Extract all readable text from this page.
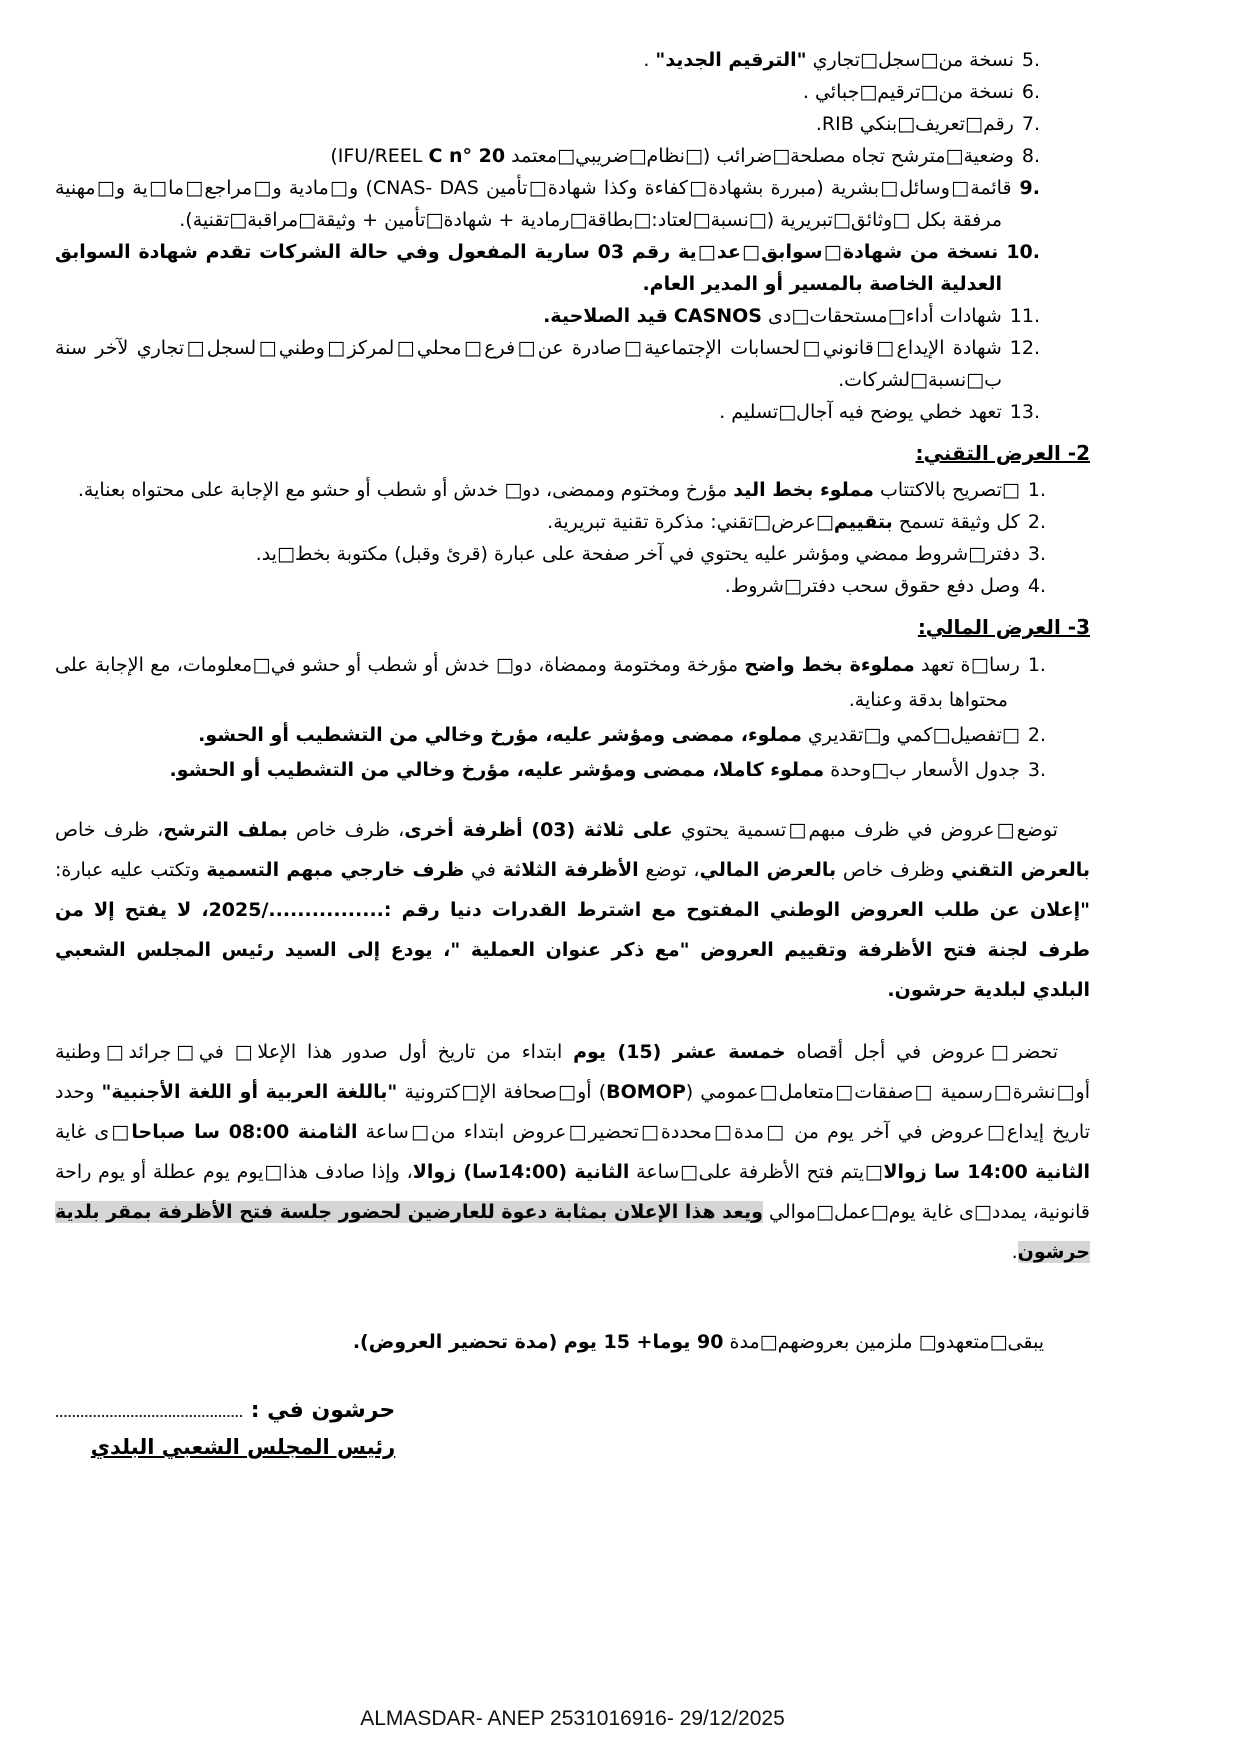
5.نسخة من□سجل□تجاري "الترقيم الجديد" .
6.نسخة من□ترقيم□جبائي .
7.رقم□تعريف□بنكي RIB.
8.وضعية□مترشح تجاه مصلحة□ضرائب (□نظام□ضريبي□معتمد IFU/REEL C n° 20)
9.قائمة□وسائل□بشرية (مبررة بشهادة□كفاءة وكذا شهادة□تأمين CNAS- DAS) و□مادية و□مراجع□ما□ية و□مهنية مرفقة بكل □وثائق□تبريرية (□نسبة□لعتاد:□بطاقة□رمادية + شهادة□تأمين + وثيقة□مراقبة□تقنية).
10.نسخة من شهادة□سوابق□عد□ية رقم 03 سارية المفعول وفي حالة الشركات تقدم شهادة السوابق العدلية الخاصة بالمسير أو المدير العام.
11.شهادات أداء□مستحقات□دى CASNOS قيد الصلاحية.
12.شهادة الإيداع□قانوني□لحسابات الإجتماعية□صادرة عن□فرع□محلي□لمركز□وطني□لسجل□تجاري لآخر سنة ب□نسبة□لشركات.
13.تعهد خطي يوضح فيه آجال□تسليم .
2- العرض التقني:
1.□تصريح بالاكتتاب مملوء بخط اليد مؤرخ ومختوم وممضى، دو□ خدش أو شطب أو حشو مع الإجابة على محتواه بعناية.
2.كل وثيقة تسمح بتقييم□عرض□تقني: مذكرة تقنية تبريرية.
3.دفتر□شروط ممضي ومؤشر عليه يحتوي في آخر صفحة على عبارة (قرئ وقبل) مكتوبة بخط□يد.
4.وصل دفع حقوق سحب دفتر□شروط.
3- العرض المالي:
1.رسا□ة تعهد مملوءة بخط واضح مؤرخة ومختومة وممضاة، دو□ خدش أو شطب أو حشو في□معلومات، مع الإجابة على محتواها بدقة وعناية.
2.□تفصيل□كمي و□تقديري مملوء، ممضى ومؤشر عليه، مؤرخ وخالي من التشطيب أو الحشو.
3.جدول الأسعار ب□وحدة مملوء كاملا، ممضى ومؤشر عليه، مؤرخ وخالي من التشطيب أو الحشو.
توضع□عروض في ظرف مبهم□تسمية يحتوي على ثلاثة (03) أظرفة أخرى، ظرف خاص بملف الترشح، ظرف خاص بالعرض التقني وظرف خاص بالعرض المالي، توضع الأظرفة الثلاثة في ظرف خارجي مبهم التسمية وتكتب عليه عبارة: "إعلان عن طلب العروض الوطني المفتوح مع اشترط القدرات دنيا رقم :................/2025، لا يفتح إلا من طرف لجنة فتح الأظرفة وتقييم العروض "مع ذكر عنوان العملية "، يودع إلى السيد رئيس المجلس الشعبي البلدي لبلدية حرشون.
تحضر□عروض في أجل أقصاه خمسة عشر (15) يوم ابتداء من تاريخ أول صدور هذا الإعلا□ في□جرائد□وطنية أو□نشرة□رسمية □صفقات□متعامل□عمومي (BOMOP) أو□صحافة الإ□كترونية "باللغة العربية أو اللغة الأجنبية" وحدد تاريخ إيداع□عروض في آخر يوم من □مدة□محددة□تحضير□عروض ابتداء من□ساعة الثامنة 08:00 سا صباحا□ى غاية الثانية 14:00 سا زوالا□يتم فتح الأظرفة على□ساعة الثانية (14:00سا) زوالا، وإذا صادف هذا□يوم يوم عطلة أو يوم راحة قانونية، يمدد□ى غاية يوم□عمل□موالي ويعد هذا الإعلان بمثابة دعوة للعارضين لحضور جلسة فتح الأظرفة بمقر بلدية حرشون.
يبقى□متعهدو□ ملزمين بعروضهم□مدة 90 يوما+ 15 يوم (مدة تحضير العروض).
حرشون في : .............................................
رئيس المجلس الشعبي البلدي
ALMASDAR- ANEP 2531016916- 29/12/2025
